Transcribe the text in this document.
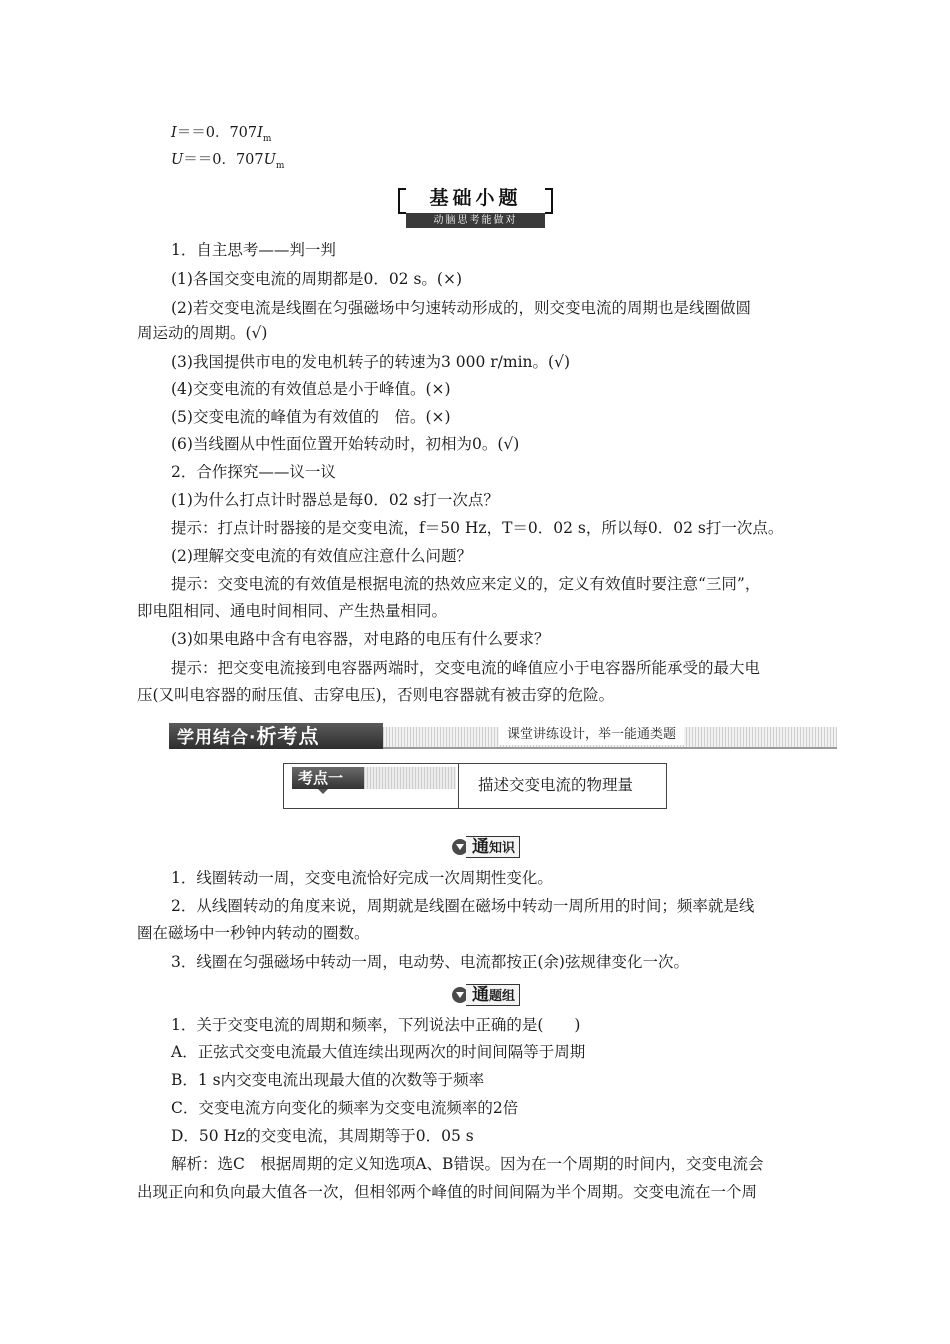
I＝＝0．$707I_m$
U＝＝0．$707U_m$
基础小题
动脑思考能做对
1．自主思考——判一判
(1)各国交变电流的周期都是0．02 s。(×)
(2)若交变电流是线圈在匀强磁场中匀速转动形成的，则交变电流的周期也是线圈做圆
周运动的周期。(√)
(3)我国提供市电的发电机转子的转速为3 000 r/min。(√)
(4)交变电流的有效值总是小于峰值。(×)
(5)交变电流的峰值为有效值的　倍。(×)
(6)当线圈从中性面位置开始转动时，初相为0。(√)
2．合作探究——议一议
(1)为什么打点计时器总是每0．02 s打一次点？
提示：打点计时器接的是交变电流，f＝50 Hz，T＝0．02 s，所以每0．02 s打一次点。
(2)理解交变电流的有效值应注意什么问题？
提示：交变电流的有效值是根据电流的热效应来定义的，定义有效值时要注意“三同”，
即电阻相同、通电时间相同、产生热量相同。
(3)如果电路中含有电容器，对电路的电压有什么要求？
提示：把交变电流接到电容器两端时，交变电流的峰值应小于电容器所能承受的最大电
压(又叫电容器的耐压值、击穿电压)，否则电容器就有被击穿的危险。
学用结合·析考点	课堂讲练设计，举一能通类题
考点一	描述交变电流的物理量
通知识
1．线圈转动一周，交变电流恰好完成一次周期性变化。
2．从线圈转动的角度来说，周期就是线圈在磁场中转动一周所用的时间；频率就是线
圈在磁场中一秒钟内转动的圈数。
3．线圈在匀强磁场中转动一周，电动势、电流都按正(余)弦规律变化一次。
通题组
1．关于交变电流的周期和频率，下列说法中正确的是(　　)
A．正弦式交变电流最大值连续出现两次的时间间隔等于周期
B．1 s内交变电流出现最大值的次数等于频率
C．交变电流方向变化的频率为交变电流频率的2倍
D．50 Hz的交变电流，其周期等于0．05 s
解析：选C　根据周期的定义知选项A、B错误。因为在一个周期的时间内，交变电流会
出现正向和负向最大值各一次，但相邻两个峰值的时间间隔为半个周期。交变电流在一个周
